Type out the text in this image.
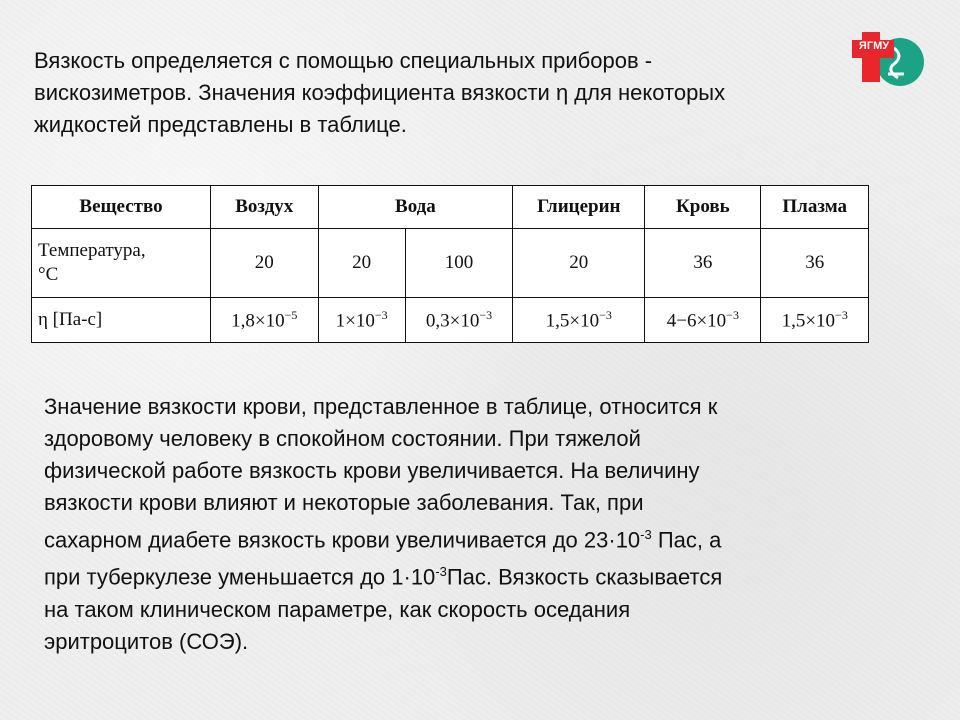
Вязкость определяется с помощью специальных приборов -
вискозиметров. Значения коэффициента вязкости η для некоторых
жидкостей представлены в таблице.

ЯГМУ
Вещество	Воздух	Вода		Глицерин	Кровь	Плазма
Температура,
°С	20	20	100	20	36	36
η [Па-с]	$1,8\times 10^{-5}$	$1\times 10^{-3}$	$0,3\times 10^{-3}$	$1,5\times 10^{-3}$	$4-6\times 10^{-3}$	$1,5\times 10^{-3}$

Значение вязкости крови, представленное в таблице, относится к
здоровому человеку в спокойном состоянии. При тяжелой
физической работе вязкость крови увеличивается. На величину
вязкости крови влияют и некоторые заболевания. Так, при
сахарном диабете вязкость крови увеличивается до $23\cdot 10^{-3}$ Пас, а
при туберкулезе уменьшается до $1\cdot 10^{-3}Пас$. Вязкость сказывается
на таком клиническом параметре, как скорость оседания
эритроцитов (СОЭ).
